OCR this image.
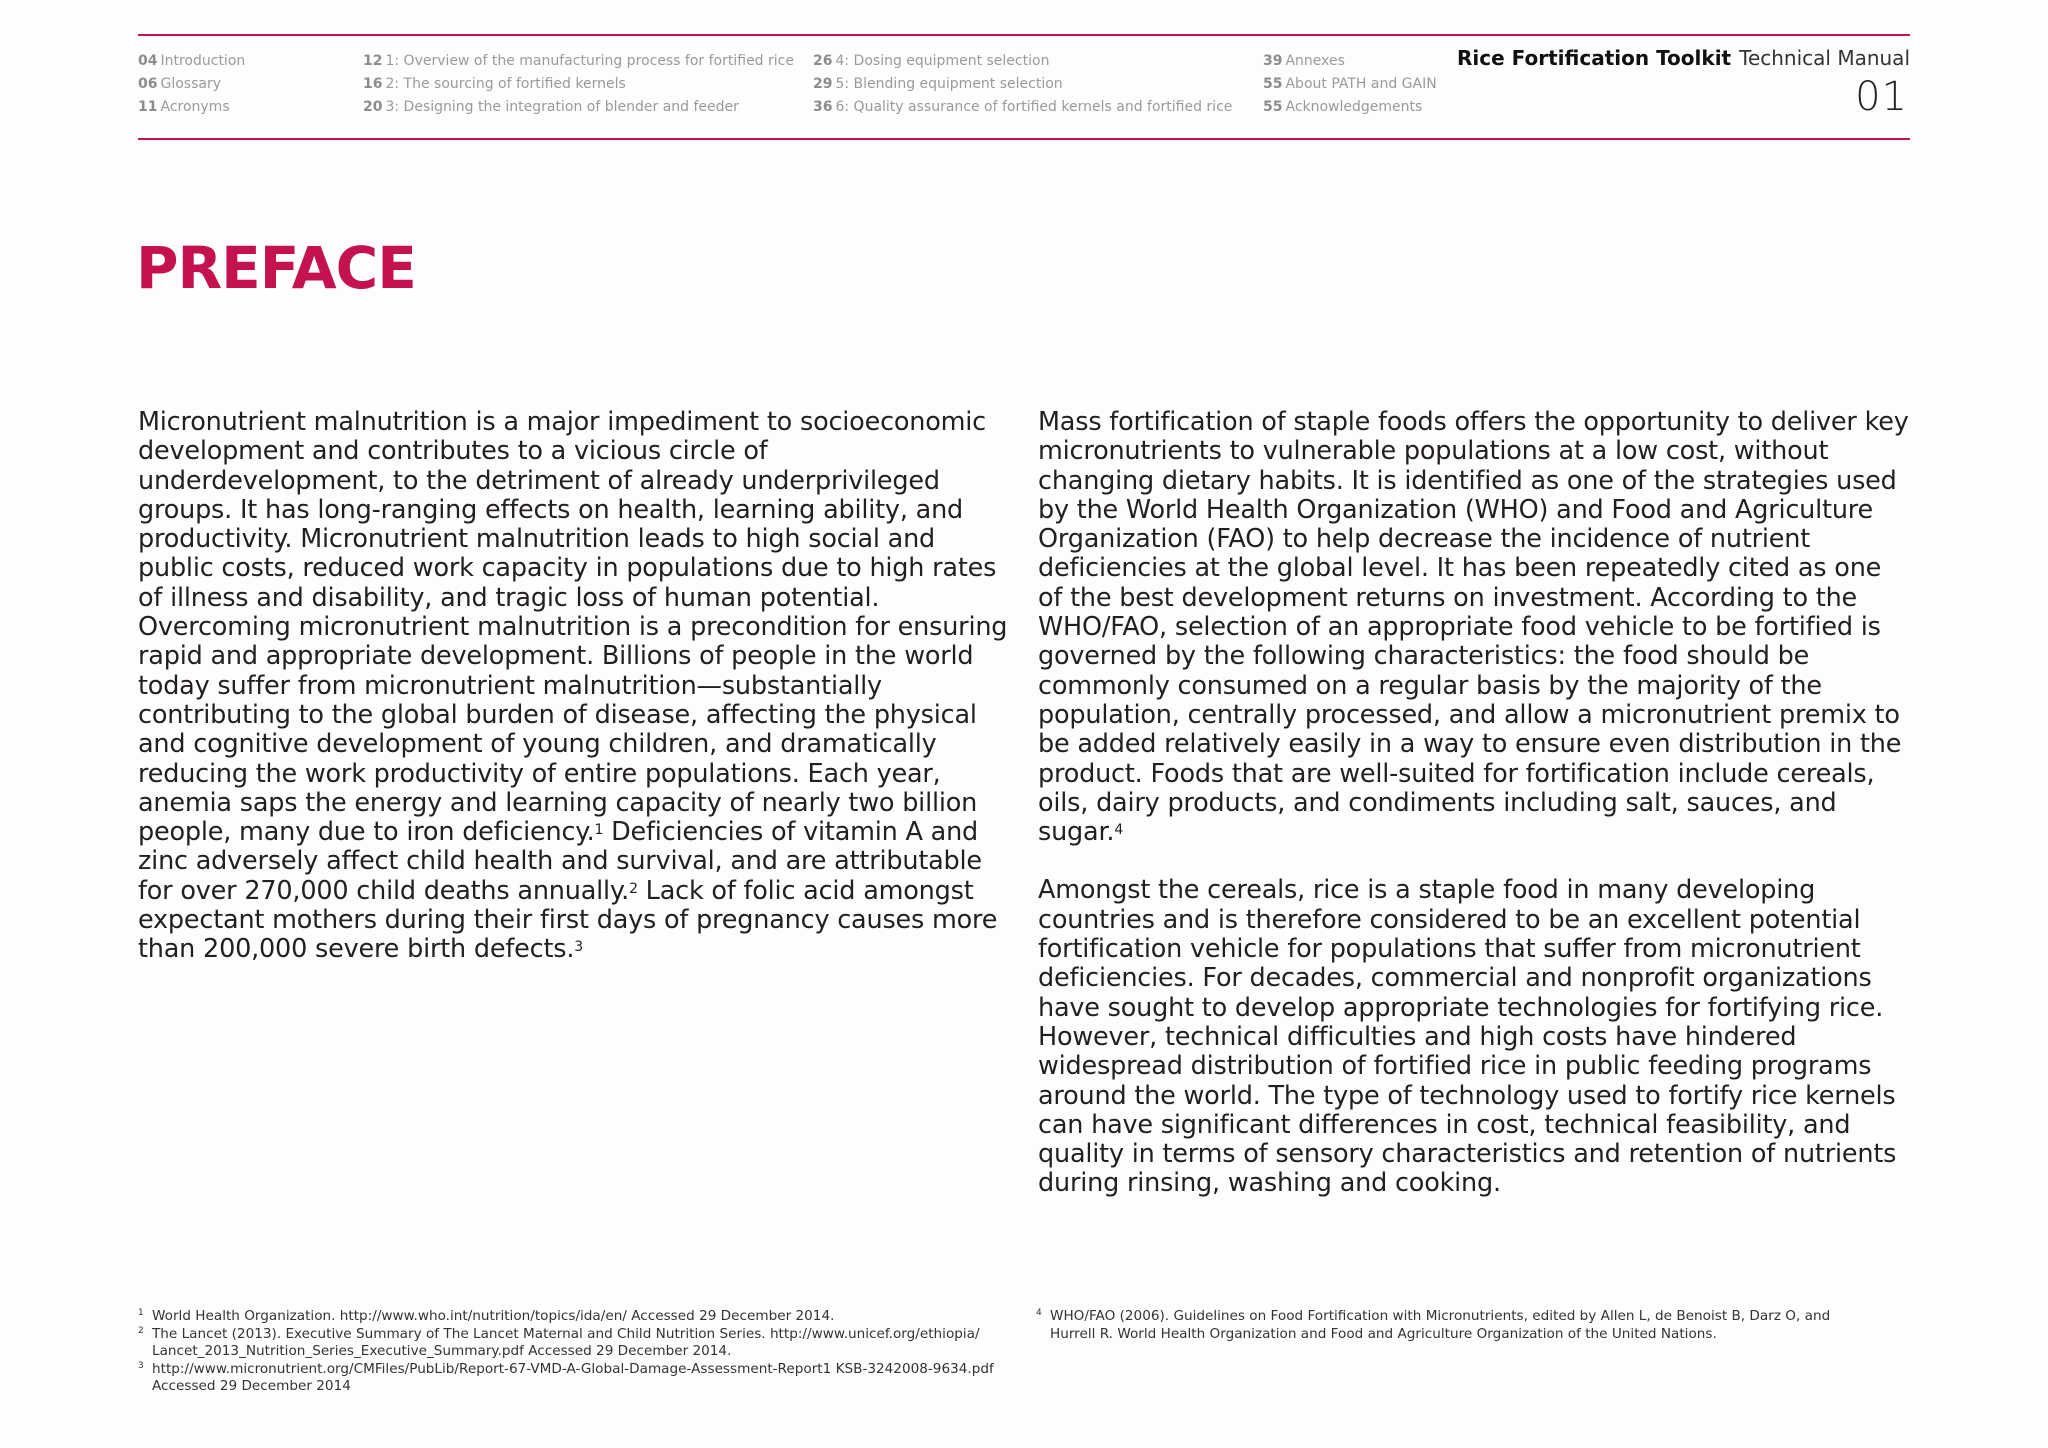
04 Introduction
06 Glossary
11 Acronyms
12 1: Overview of the manufacturing process for fortified rice
16 2: The sourcing of fortified kernels
20 3: Designing the integration of blender and feeder
26 4: Dosing equipment selection
29 5: Blending equipment selection
36 6: Quality assurance of fortified kernels and fortified rice
39 Annexes
55 About PATH and GAIN
55 Acknowledgements
Rice Fortification Toolkit Technical Manual
01
PREFACE

Micronutrient malnutrition is a major impediment to socioeconomic development and contributes to a vicious circle of underdevelopment, to the detriment of already underprivileged groups. It has long-ranging effects on health, learning ability, and productivity. Micronutrient malnutrition leads to high social and public costs, reduced work capacity in populations due to high rates of illness and disability, and tragic loss of human potential. Overcoming micronutrient malnutrition is a precondition for ensuring rapid and appropriate development. Billions of people in the world today suffer from micronutrient malnutrition—substantially contributing to the global burden of disease, affecting the physical and cognitive development of young children, and dramatically reducing the work productivity of entire populations. Each year, anemia saps the energy and learning capacity of nearly two billion people, many due to iron deficiency.$^1$ Deficiencies of vitamin A and zinc adversely affect child health and survival, and are attributable for over 270,000 child deaths annually.$^2$ Lack of folic acid amongst expectant mothers during their first days of pregnancy causes more than 200,000 severe birth defects.$^3$

Mass fortification of staple foods offers the opportunity to deliver key micronutrients to vulnerable populations at a low cost, without changing dietary habits. It is identified as one of the strategies used by the World Health Organization (WHO) and Food and Agriculture Organization (FAO) to help decrease the incidence of nutrient deficiencies at the global level. It has been repeatedly cited as one of the best development returns on investment. According to the WHO/FAO, selection of an appropriate food vehicle to be fortified is governed by the following characteristics: the food should be commonly consumed on a regular basis by the majority of the population, centrally processed, and allow a micronutrient premix to be added relatively easily in a way to ensure even distribution in the product. Foods that are well-suited for fortification include cereals, oils, dairy products, and condiments including salt, sauces, and sugar.$^4$

Amongst the cereals, rice is a staple food in many developing countries and is therefore considered to be an excellent potential fortification vehicle for populations that suffer from micronutrient deficiencies. For decades, commercial and nonprofit organizations have sought to develop appropriate technologies for fortifying rice. However, technical difficulties and high costs have hindered widespread distribution of fortified rice in public feeding programs around the world. The type of technology used to fortify rice kernels can have significant differences in cost, technical feasibility, and quality in terms of sensory characteristics and retention of nutrients during rinsing, washing and cooking.

1 World Health Organization. http://www.who.int/nutrition/topics/ida/en/ Accessed 29 December 2014.
2 The Lancet (2013). Executive Summary of The Lancet Maternal and Child Nutrition Series. http://www.unicef.org/ethiopia/ Lancet_2013_Nutrition_Series_Executive_Summary.pdf Accessed 29 December 2014.
3 http://www.micronutrient.org/CMFiles/PubLib/Report-67-VMD-A-Global-Damage-Assessment-Report1 KSB-3242008-9634.pdf Accessed 29 December 2014
4 WHO/FAO (2006). Guidelines on Food Fortification with Micronutrients, edited by Allen L, de Benoist B, Darz O, and Hurrell R. World Health Organization and Food and Agriculture Organization of the United Nations.
